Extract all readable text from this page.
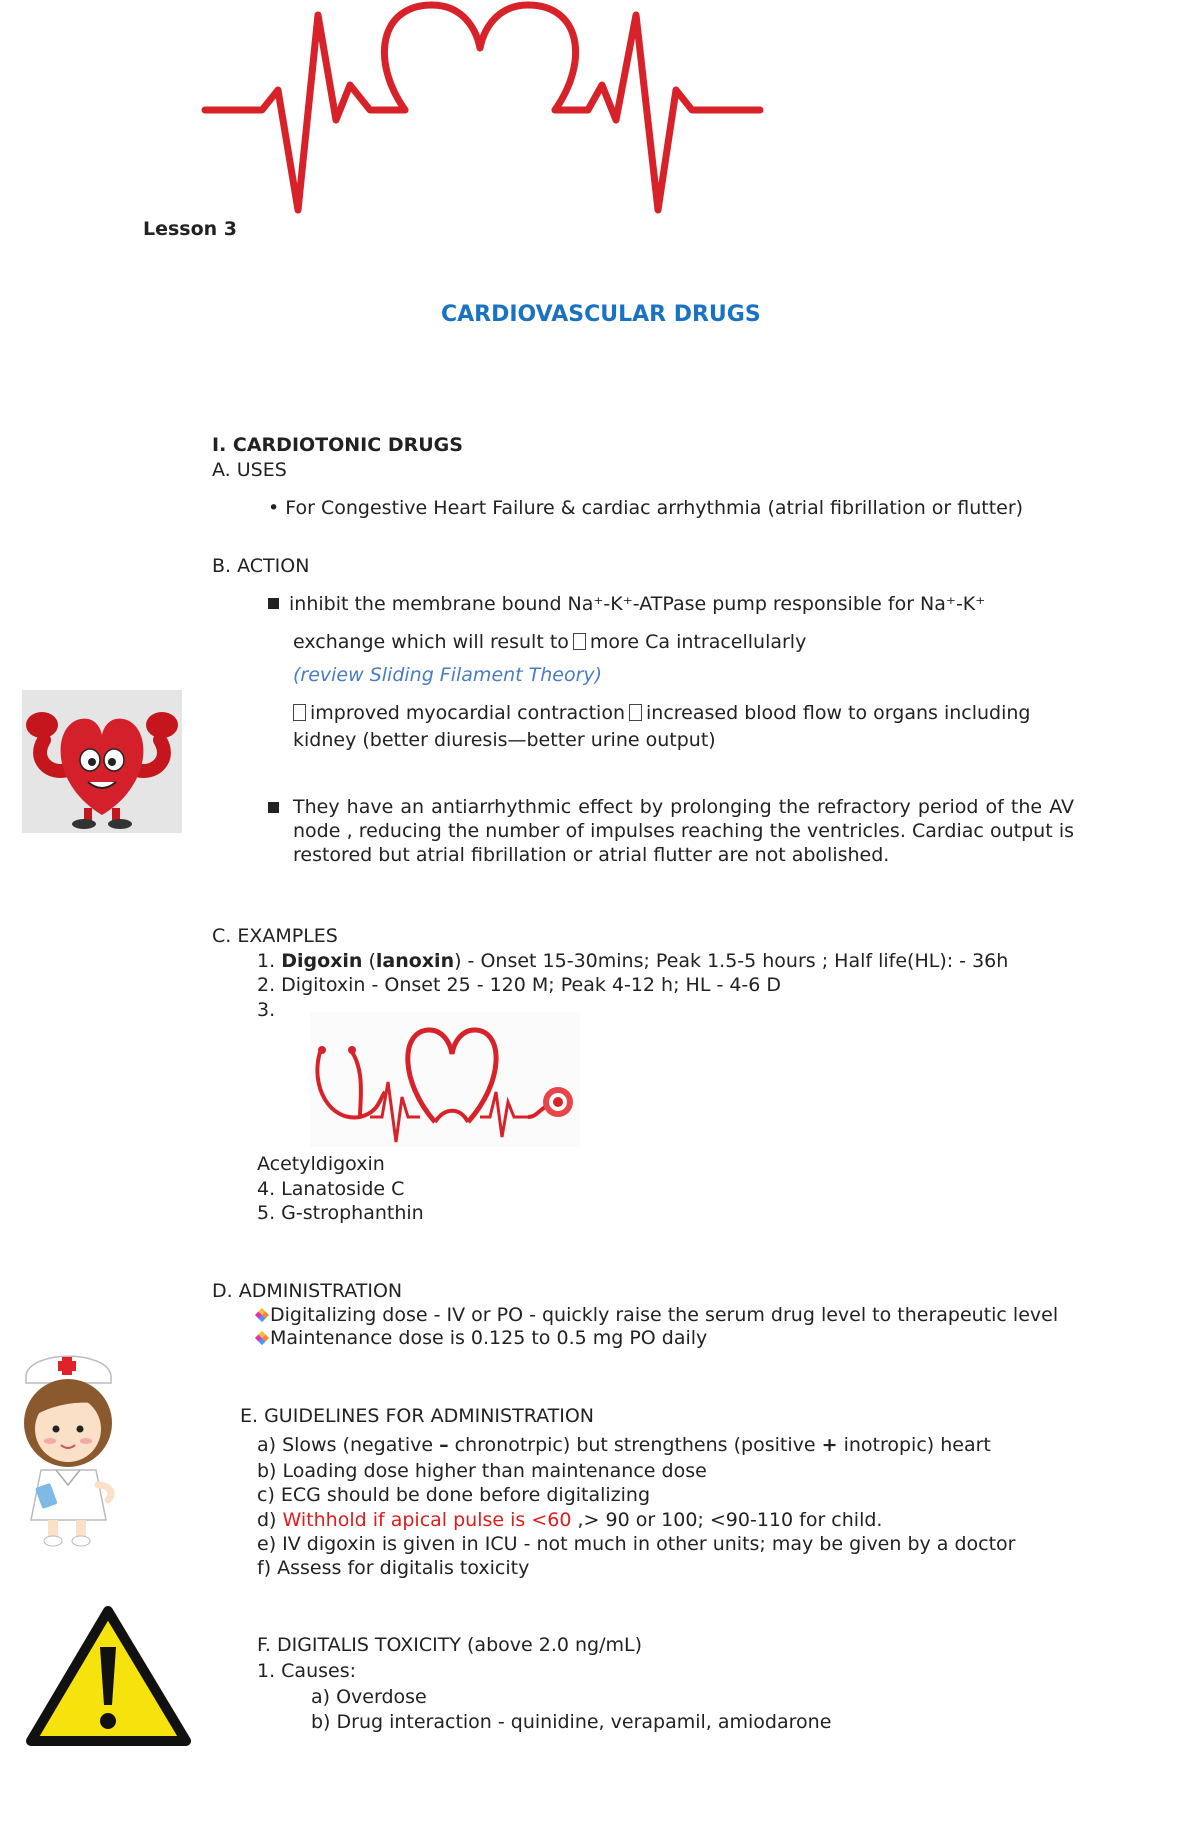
Lesson 3
CARDIOVASCULAR DRUGS
I. CARDIOTONIC DRUGS
A. USES
• For Congestive Heart Failure & cardiac arrhythmia (atrial fibrillation or flutter)
B. ACTION
inhibit the membrane bound Na⁺-K⁺-ATPase pump responsible for Na⁺-K⁺
exchange which will result to more Ca intracellularly
(review Sliding Filament Theory)
improved myocardial contraction increased blood flow to organs including
kidney (better diuresis—better urine output)
They have an antiarrhythmic effect by prolonging the refractory period of the AV node , reducing the number of impulses reaching the ventricles. Cardiac output is restored but atrial fibrillation or atrial flutter are not abolished.
C. EXAMPLES
1. Digoxin (lanoxin) - Onset 15-30mins; Peak 1.5-5 hours ; Half life(HL): - 36h
2. Digitoxin - Onset 25 - 120 M; Peak 4-12 h; HL - 4-6 D
3.
Acetyldigoxin
4. Lanatoside C
5. G-strophanthin
D. ADMINISTRATION
Digitalizing dose - IV or PO - quickly raise the serum drug level to therapeutic level
Maintenance dose is 0.125 to 0.5 mg PO daily
E. GUIDELINES FOR ADMINISTRATION
a) Slows (negative – chronotrpic) but strengthens (positive + inotropic) heart
b) Loading dose higher than maintenance dose
c) ECG should be done before digitalizing
d) Withhold if apical pulse is <60 ,> 90 or 100; <90-110 for child.
e) IV digoxin is given in ICU - not much in other units; may be given by a doctor
f) Assess for digitalis toxicity
F. DIGITALIS TOXICITY (above 2.0 ng/mL)
1. Causes:
a) Overdose
b) Drug interaction - quinidine, verapamil, amiodarone
